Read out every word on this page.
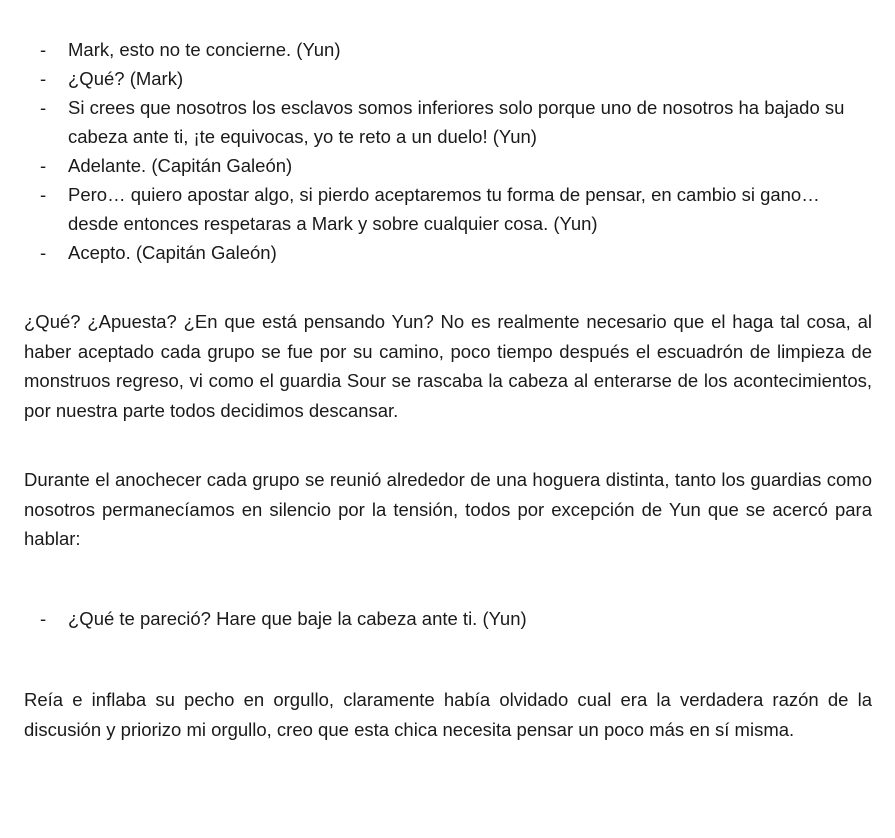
- Mark, esto no te concierne. (Yun)
- ¿Qué? (Mark)
- Si crees que nosotros los esclavos somos inferiores solo porque uno de nosotros ha bajado su cabeza ante ti, ¡te equivocas, yo te reto a un duelo! (Yun)
- Adelante. (Capitán Galeón)
- Pero… quiero apostar algo, si pierdo aceptaremos tu forma de pensar, en cambio si gano… desde entonces respetaras a Mark y sobre cualquier cosa. (Yun)
- Acepto. (Capitán Galeón)

¿Qué? ¿Apuesta? ¿En que está pensando Yun? No es realmente necesario que el haga tal cosa, al haber aceptado cada grupo se fue por su camino, poco tiempo después el escuadrón de limpieza de monstruos regreso, vi como el guardia Sour se rascaba la cabeza al enterarse de los acontecimientos, por nuestra parte todos decidimos descansar.

Durante el anochecer cada grupo se reunió alrededor de una hoguera distinta, tanto los guardias como nosotros permanecíamos en silencio por la tensión, todos por excepción de Yun que se acercó para hablar:

- ¿Qué te pareció? Hare que baje la cabeza ante ti. (Yun)

Reía e inflaba su pecho en orgullo, claramente había olvidado cual era la verdadera razón de la discusión y priorizo mi orgullo, creo que esta chica necesita pensar un poco más en sí misma.
